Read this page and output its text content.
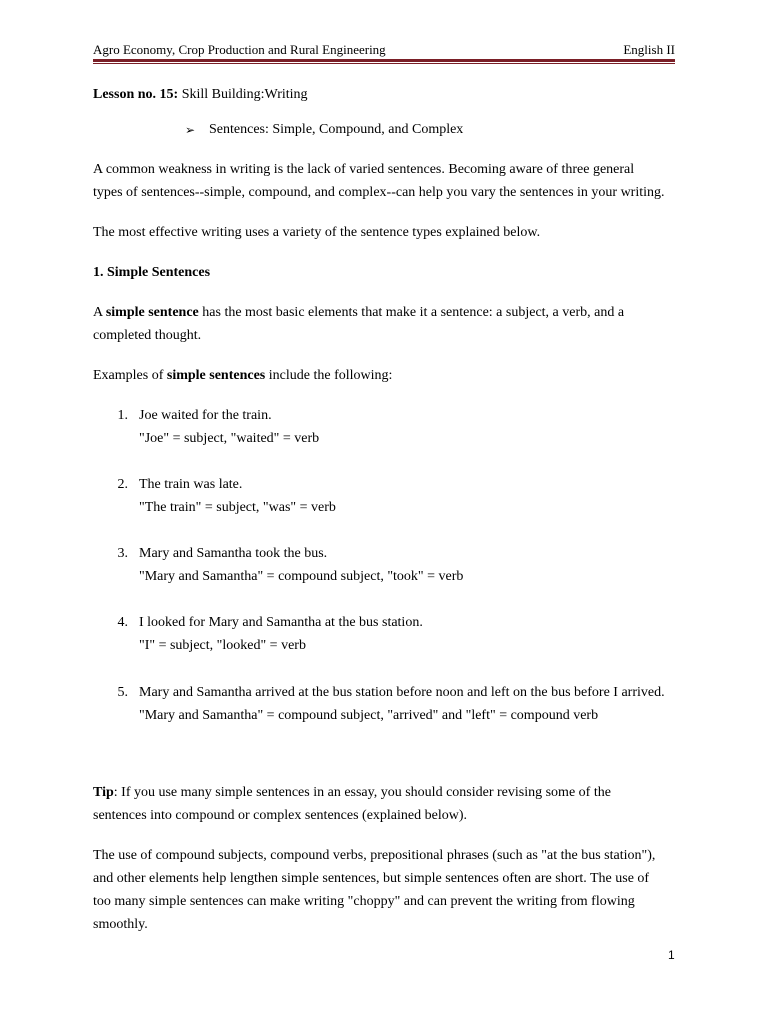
Agro Economy, Crop Production and Rural Engineering	English II
Lesson no. 15: Skill Building:Writing
➢ Sentences: Simple, Compound, and Complex
A common weakness in writing is the lack of varied sentences. Becoming aware of three general
types of sentences--simple, compound, and complex--can help you vary the sentences in your writing.
The most effective writing uses a variety of the sentence types explained below.
1. Simple Sentences
A simple sentence has the most basic elements that make it a sentence: a subject, a verb, and a
completed thought.
Examples of simple sentences include the following:
1. Joe waited for the train.
"Joe" = subject, "waited" = verb
2. The train was late.
"The train" = subject, "was" = verb
3. Mary and Samantha took the bus.
"Mary and Samantha" = compound subject, "took" = verb
4. I looked for Mary and Samantha at the bus station.
"I" = subject, "looked" = verb
5. Mary and Samantha arrived at the bus station before noon and left on the bus before I arrived.
"Mary and Samantha" = compound subject, "arrived" and "left" = compound verb
Tip: If you use many simple sentences in an essay, you should consider revising some of the
sentences into compound or complex sentences (explained below).
The use of compound subjects, compound verbs, prepositional phrases (such as "at the bus station"),
and other elements help lengthen simple sentences, but simple sentences often are short. The use of
too many simple sentences can make writing "choppy" and can prevent the writing from flowing
smoothly.
1
